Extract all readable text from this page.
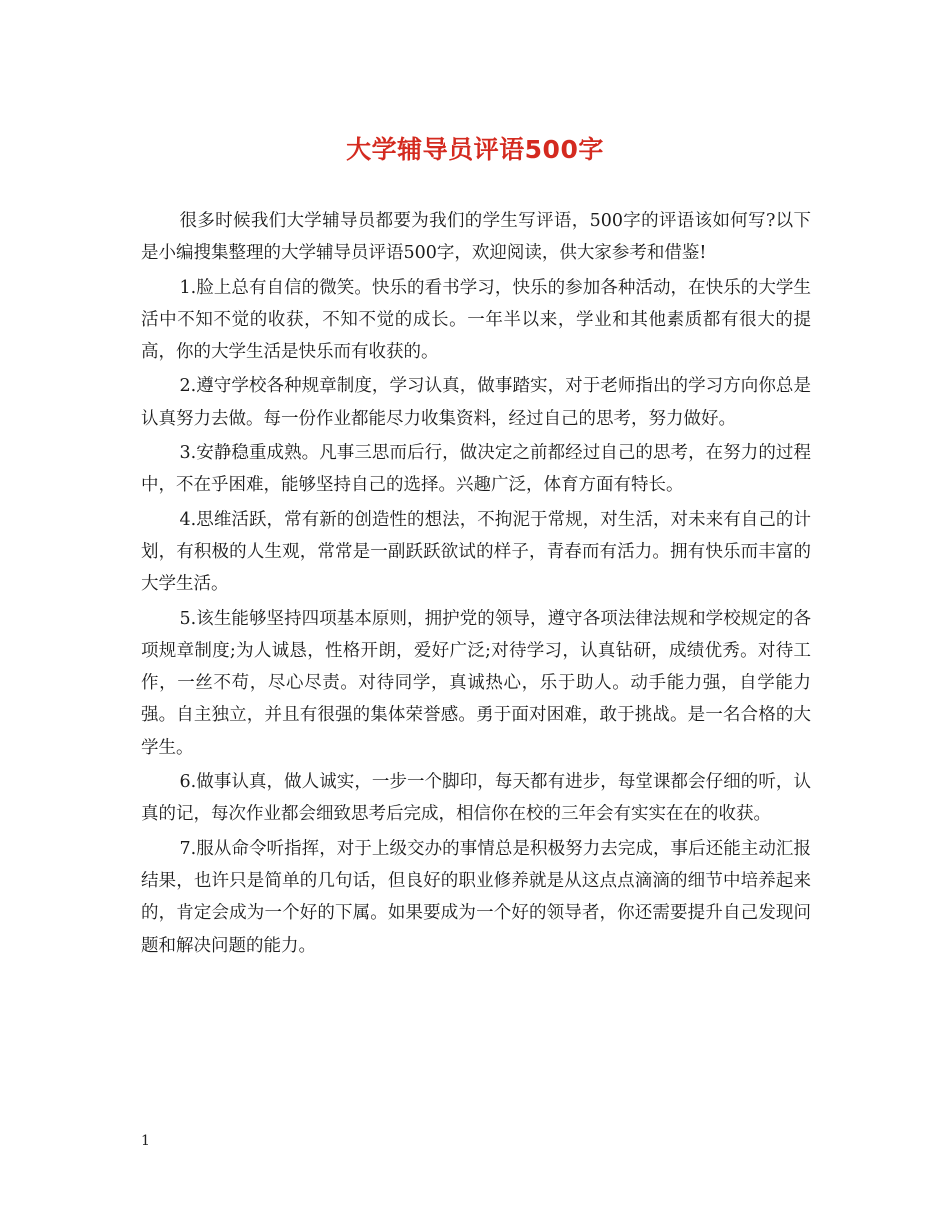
大学辅导员评语500字

很多时候我们大学辅导员都要为我们的学生写评语，500字的评语该如何写?以下是小编搜集整理的大学辅导员评语500字，欢迎阅读，供大家参考和借鉴!

1.脸上总有自信的微笑。快乐的看书学习，快乐的参加各种活动，在快乐的大学生活中不知不觉的收获，不知不觉的成长。一年半以来，学业和其他素质都有很大的提高，你的大学生活是快乐而有收获的。

2.遵守学校各种规章制度，学习认真，做事踏实，对于老师指出的学习方向你总是认真努力去做。每一份作业都能尽力收集资料，经过自己的思考，努力做好。

3.安静稳重成熟。凡事三思而后行，做决定之前都经过自己的思考，在努力的过程中，不在乎困难，能够坚持自己的选择。兴趣广泛，体育方面有特长。

4.思维活跃，常有新的创造性的想法，不拘泥于常规，对生活，对未来有自己的计划，有积极的人生观，常常是一副跃跃欲试的样子，青春而有活力。拥有快乐而丰富的大学生活。

5.该生能够坚持四项基本原则，拥护党的领导，遵守各项法律法规和学校规定的各项规章制度;为人诚恳，性格开朗，爱好广泛;对待学习，认真钻研，成绩优秀。对待工作，一丝不苟，尽心尽责。对待同学，真诚热心，乐于助人。动手能力强，自学能力强。自主独立，并且有很强的集体荣誉感。勇于面对困难，敢于挑战。是一名合格的大学生。

6.做事认真，做人诚实，一步一个脚印，每天都有进步，每堂课都会仔细的听，认真的记，每次作业都会细致思考后完成，相信你在校的三年会有实实在在的收获。

7.服从命令听指挥，对于上级交办的事情总是积极努力去完成，事后还能主动汇报结果，也许只是简单的几句话，但良好的职业修养就是从这点点滴滴的细节中培养起来的，肯定会成为一个好的下属。如果要成为一个好的领导者，你还需要提升自己发现问题和解决问题的能力。

1
